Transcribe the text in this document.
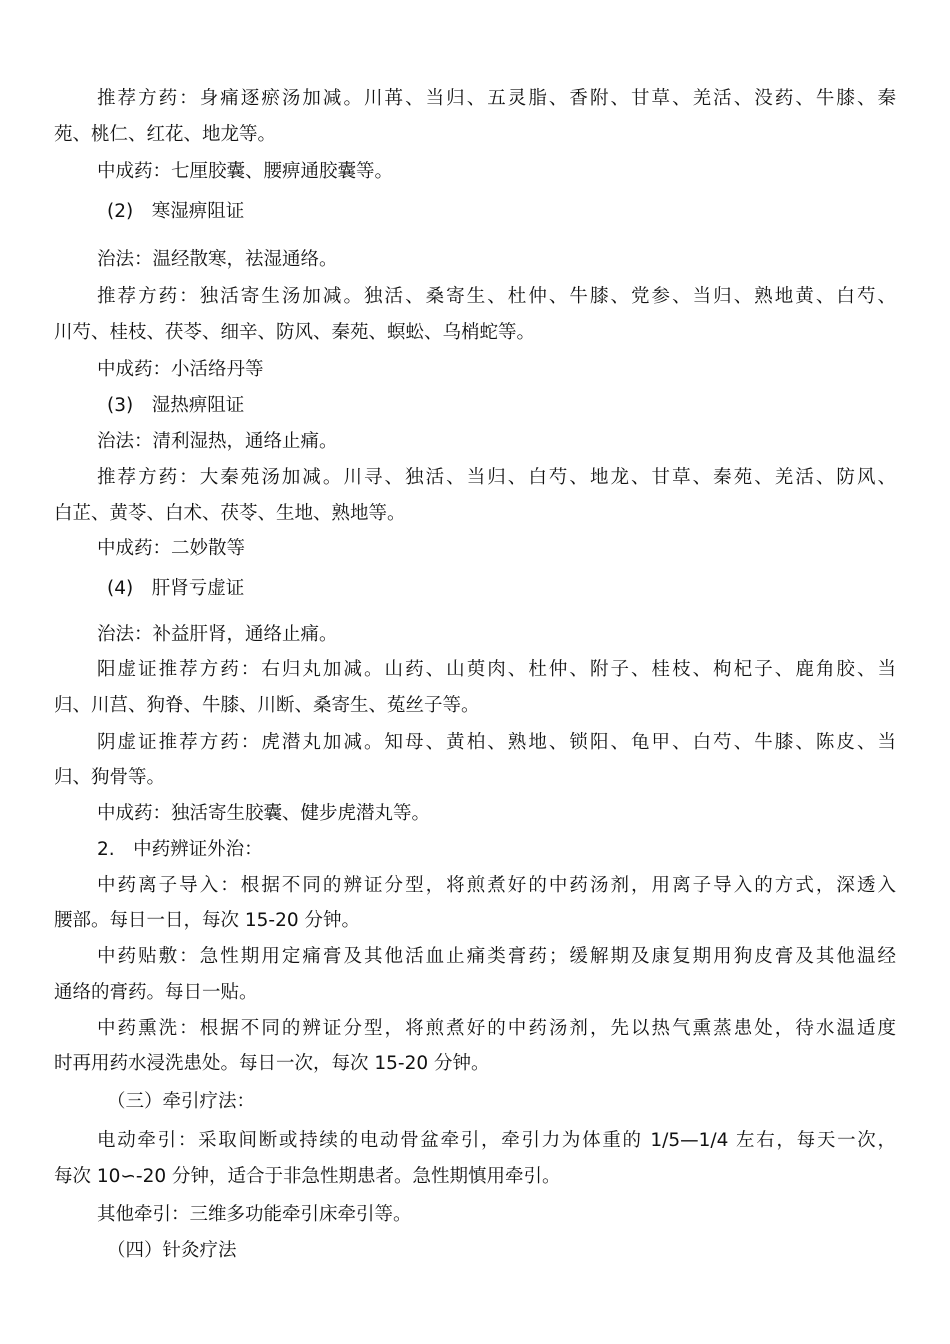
推荐方药：身痛逐瘀汤加减。川苒、当归、五灵脂、香附、甘草、羌活、没药、牛膝、秦
苑、桃仁、红花、地龙等。
中成药：七厘胶囊、腰痹通胶囊等。
(2)　寒湿痹阻证
治法：温经散寒，祛湿通络。
推荐方药：独活寄生汤加减。独活、桑寄生、杜仲、牛膝、党参、当归、熟地黄、白芍、
川芍、桂枝、茯苓、细辛、防风、秦苑、螟蚣、乌梢蛇等。
中成药：小活络丹等
(3)　湿热痹阻证
治法：清利湿热，通络止痛。
推荐方药：大秦苑汤加减。川寻、独活、当归、白芍、地龙、甘草、秦苑、羌活、防风、
白芷、黄苓、白术、茯苓、生地、熟地等。
中成药：二妙散等
(4)　肝肾亏虚证
治法：补益肝肾，通络止痛。
阳虚证推荐方药：右归丸加减。山药、山萸肉、杜仲、附子、桂枝、枸杞子、鹿角胶、当
归、川莒、狗脊、牛膝、川断、桑寄生、菟丝子等。
阴虚证推荐方药：虎潜丸加减。知母、黄柏、熟地、锁阳、龟甲、白芍、牛膝、陈皮、当
归、狗骨等。
中成药：独活寄生胶囊、健步虎潜丸等。
2.　中药辨证外治：
中药离子导入：根据不同的辨证分型，将煎煮好的中药汤剂，用离子导入的方式，深透入
腰部。每日一日，每次 15-20 分钟。
中药贴敷：急性期用定痛膏及其他活血止痛类膏药；缓解期及康复期用狗皮膏及其他温经
通络的膏药。每日一贴。
中药熏洗：根据不同的辨证分型，将煎煮好的中药汤剂，先以热气熏蒸患处，待水温适度
时再用药水浸洗患处。每日一次，每次 15-20 分钟。
（三）牵引疗法：
电动牵引：采取间断或持续的电动骨盆牵引，牵引力为体重的 1/5—1/4 左右，每天一次，
每次 10∽-20 分钟，适合于非急性期患者。急性期慎用牵引。
其他牵引：三维多功能牵引床牵引等。
（四）针灸疗法
